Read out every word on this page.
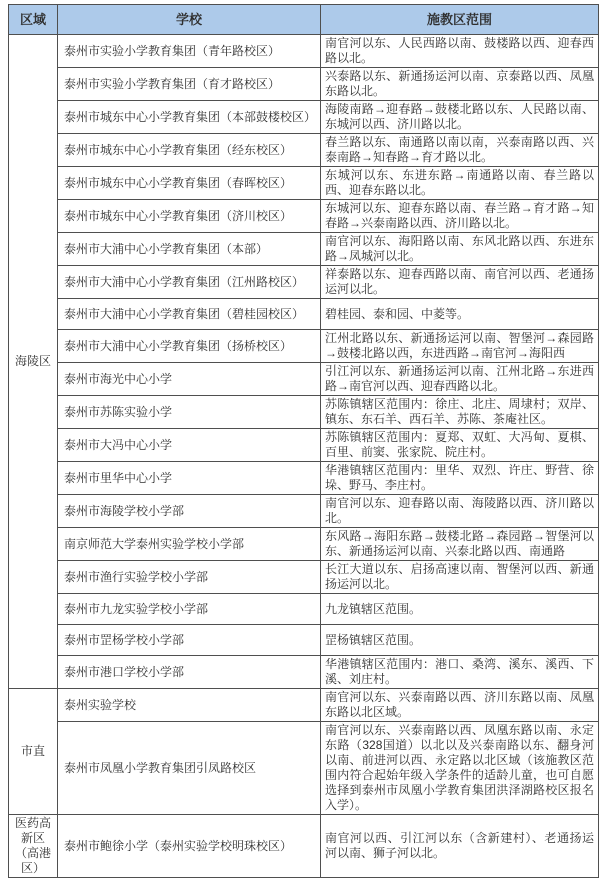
区域	学校	施教区范围
海陵区	泰州市实验小学教育集团（青年路校区）	南官河以东、人民西路以南、鼓楼路以西、迎春西路以北。
	泰州市实验小学教育集团（育才路校区）	兴泰路以东、新通扬运河以南、京泰路以西、凤凰东路以北。
	泰州市城东中心小学教育集团（本部鼓楼校区）	海陵南路→迎春路→鼓楼北路以东、人民路以南、东城河以西、济川路以北。
	泰州市城东中心小学教育集团（经东校区）	春兰路以东、南通路以南以南，兴泰南路以西、兴泰南路→知春路→育才路以北。
	泰州市城东中心小学教育集团（春晖校区）	东城河以东、东进东路→南通路以南、春兰路以西、迎春东路以北。
	泰州市城东中心小学教育集团（济川校区）	东城河以东、迎春东路以南、春兰路→育才路→知春路→兴泰南路以西、济川路以北。
	泰州市大浦中心小学教育集团（本部）	南官河以东、海阳路以南、东风北路以西、东进东路→凤城河以北。
	泰州市大浦中心小学教育集团（江州路校区）	祥泰路以东、迎春西路以南、南官河以西、老通扬运河以北。
	泰州市大浦中心小学教育集团（碧桂园校区）	碧桂园、泰和园、中菱等。
	泰州市大浦中心小学教育集团（扬桥校区）	江州北路以东、新通扬运河以南、智堡河→森园路→鼓楼北路以西，东进西路→南官河→海阳西
	泰州市海光中心小学	引江河以东、新通扬运河以南、江州北路→东进西路→南官河以西、迎春西路以北。
	泰州市苏陈实验小学	苏陈镇辖区范围内：徐庄、北庄、周埭村；双岸、镇东、东石羊、西石羊、苏陈、茶庵社区。
	泰州市大冯中心小学	苏陈镇辖区范围内：夏郑、双虹、大冯甸、夏棋、百里、前窦、张家院、院庄村。
	泰州市里华中心小学	华港镇辖区范围内：里华、双烈、许庄、野营、徐垛、野马、李庄村。
	泰州市海陵学校小学部	南官河以东、迎春路以南、海陵路以西、济川路以北。
	南京师范大学泰州实验学校小学部	东风路→海阳东路→鼓楼北路→森园路→智堡河以东、新通扬运河以南、兴泰北路以西、南通路
	泰州市渔行实验学校小学部	长江大道以东、启扬高速以南、智堡河以西、新通扬运河以北。
	泰州市九龙实验学校小学部	九龙镇辖区范围。
	泰州市罡杨学校小学部	罡杨镇辖区范围。
	泰州市港口学校小学部	华港镇辖区范围内：港口、桑湾、溪东、溪西、下溪、刘庄村。
市直	泰州实验学校	南官河以东、兴泰南路以西、济川东路以南、凤凰东路以北区域。
	泰州市凤凰小学教育集团引凤路校区	南官河以东、兴泰南路以西、凤凰东路以南、永定东路（328国道）以北以及兴泰南路以东、翻身河以南、前进河以西、永定路以北区域（该施教区范围内符合起始年级入学条件的适龄儿童，也可自愿选择到泰州市凤凰小学教育集团洪泽湖路校区报名入学）。
医药高新区（高港区）	泰州市鲍徐小学（泰州实验学校明珠校区）	南官河以西、引江河以东（含新建村）、老通扬运河以南、狮子河以北。
